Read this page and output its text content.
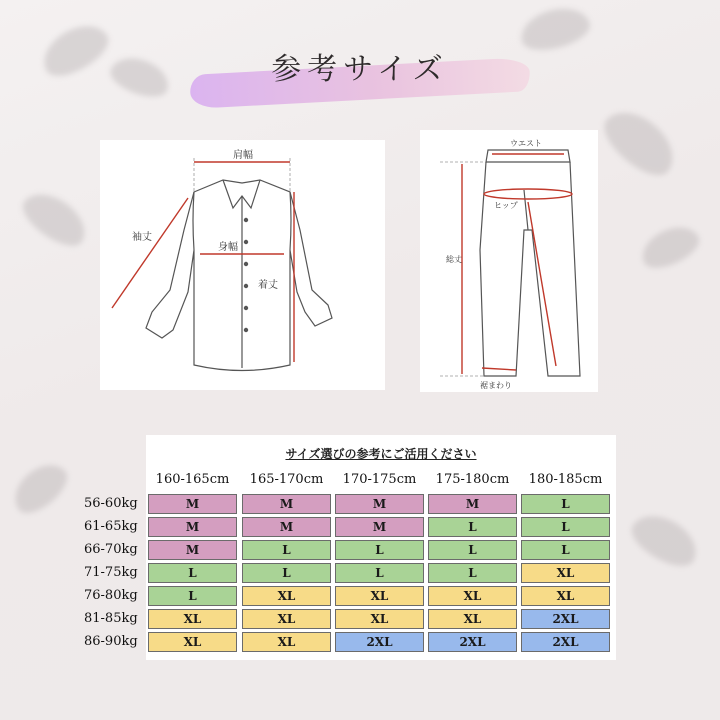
参考サイズ
肩幅
袖丈
身幅
着丈
ウエスト
ヒップ
総丈
裾まわり
サイズ選びの参考にご活用ください
160-165cm	165-170cm	170-175cm	175-180cm	180-185cm
56-60kg	M	M	M	M	L
61-65kg	M	M	M	L	L
66-70kg	M	L	L	L	L
71-75kg	L	L	L	L	XL
76-80kg	L	XL	XL	XL	XL
81-85kg	XL	XL	XL	XL	2XL
86-90kg	XL	XL	2XL	2XL	2XL
